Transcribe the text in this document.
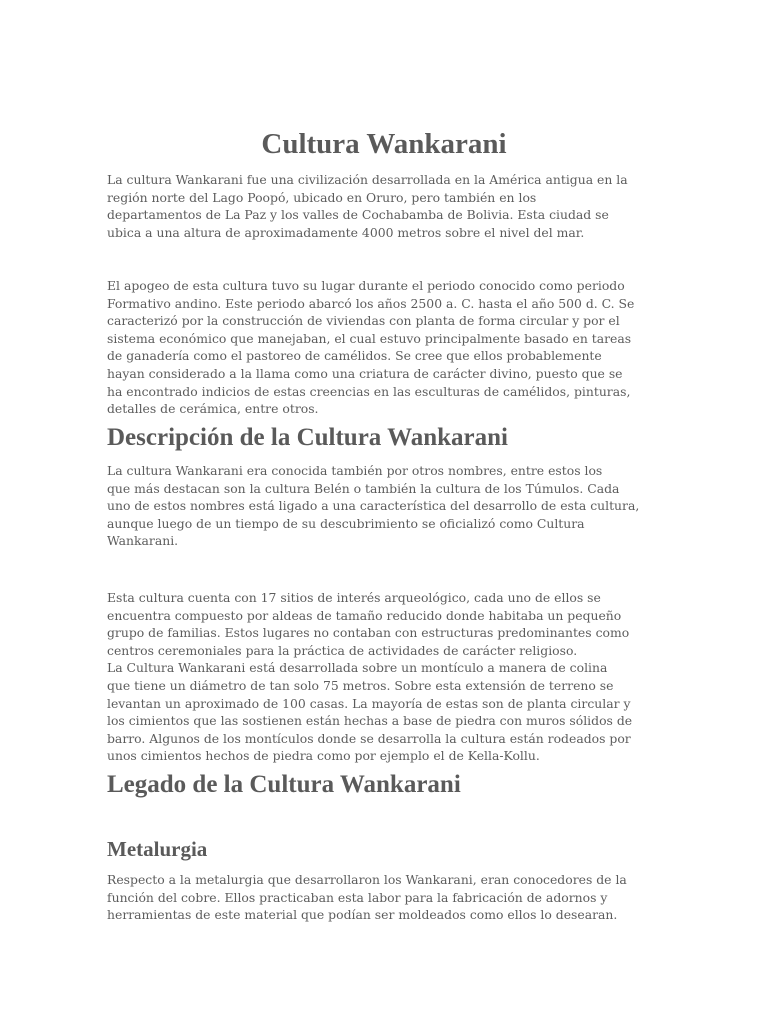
Cultura Wankarani

La cultura Wankarani fue una civilización desarrollada en la América antigua en la
región norte del Lago Poopó, ubicado en Oruro, pero también en los
departamentos de La Paz y los valles de Cochabamba de Bolivia. Esta ciudad se
ubica a una altura de aproximadamente 4000 metros sobre el nivel del mar.

El apogeo de esta cultura tuvo su lugar durante el periodo conocido como periodo
Formativo andino. Este periodo abarcó los años 2500 a. C. hasta el año 500 d. C. Se
caracterizó por la construcción de viviendas con planta de forma circular y por el
sistema económico que manejaban, el cual estuvo principalmente basado en tareas
de ganadería como el pastoreo de camélidos. Se cree que ellos probablemente
hayan considerado a la llama como una criatura de carácter divino, puesto que se
ha encontrado indicios de estas creencias en las esculturas de camélidos, pinturas,
detalles de cerámica, entre otros.

Descripción de la Cultura Wankarani

La cultura Wankarani era conocida también por otros nombres, entre estos los
que más destacan son la cultura Belén o también la cultura de los Túmulos. Cada
uno de estos nombres está ligado a una característica del desarrollo de esta cultura,
aunque luego de un tiempo de su descubrimiento se oficializó como Cultura
Wankarani.

Esta cultura cuenta con 17 sitios de interés arqueológico, cada uno de ellos se
encuentra compuesto por aldeas de tamaño reducido donde habitaba un pequeño
grupo de familias. Estos lugares no contaban con estructuras predominantes como
centros ceremoniales para la práctica de actividades de carácter religioso.
La Cultura Wankarani está desarrollada sobre un montículo a manera de colina
que tiene un diámetro de tan solo 75 metros. Sobre esta extensión de terreno se
levantan un aproximado de 100 casas. La mayoría de estas son de planta circular y
los cimientos que las sostienen están hechas a base de piedra con muros sólidos de
barro. Algunos de los montículos donde se desarrolla la cultura están rodeados por
unos cimientos hechos de piedra como por ejemplo el de Kella-Kollu.

Legado de la Cultura Wankarani
Metalurgia

Respecto a la metalurgia que desarrollaron los Wankarani, eran conocedores de la
función del cobre. Ellos practicaban esta labor para la fabricación de adornos y
herramientas de este material que podían ser moldeados como ellos lo desearan.
